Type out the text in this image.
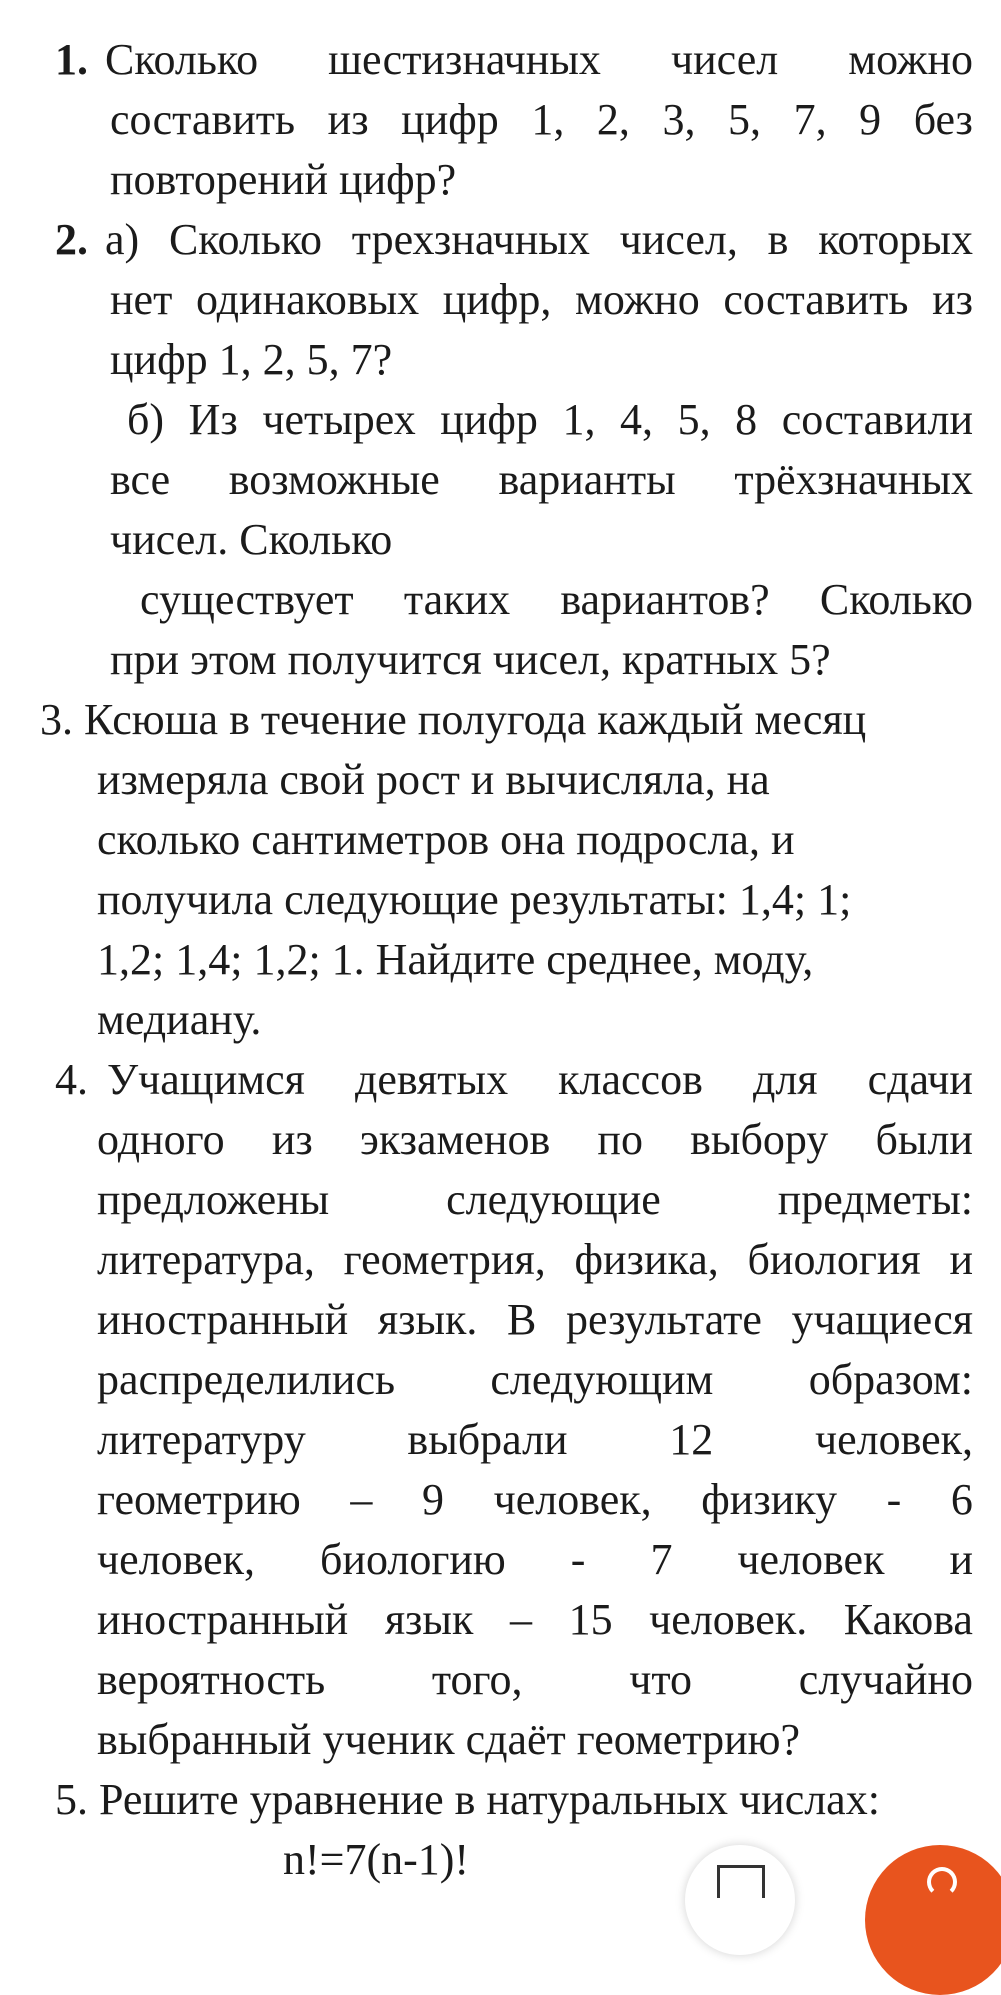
1. Сколько шестизначных чисел можно
составить из цифр 1, 2, 3, 5, 7, 9 без
повторений цифр?
2. а) Сколько трехзначных чисел, в которых
нет одинаковых цифр, можно составить из
цифр 1, 2, 5, 7?
б) Из четырех цифр 1, 4, 5, 8 составили
все возможные варианты трёхзначных
чисел. Сколько
существует таких вариантов? Сколько
при этом получится чисел, кратных 5?
3. Ксюша в течение полугода каждый месяц
измеряла свой рост и вычисляла, на
сколько сантиметров она подросла, и
получила следующие результаты: 1,4; 1;
1,2; 1,4; 1,2; 1. Найдите среднее, моду,
медиану.
4. Учащимся девятых классов для сдачи
одного из экзаменов по выбору были
предложены	следующие	предметы:
литература, геометрия, физика, биология и
иностранный язык. В результате учащиеся
распределились следующим образом:
литературу выбрали 12 человек,
геометрию – 9 человек, физику - 6
человек, биологию - 7 человек и
иностранный язык – 15 человек. Какова
вероятность того, что случайно
выбранный ученик сдаёт геометрию?
5. Решите уравнение в натуральных числах:
n!=7(n-1)!
